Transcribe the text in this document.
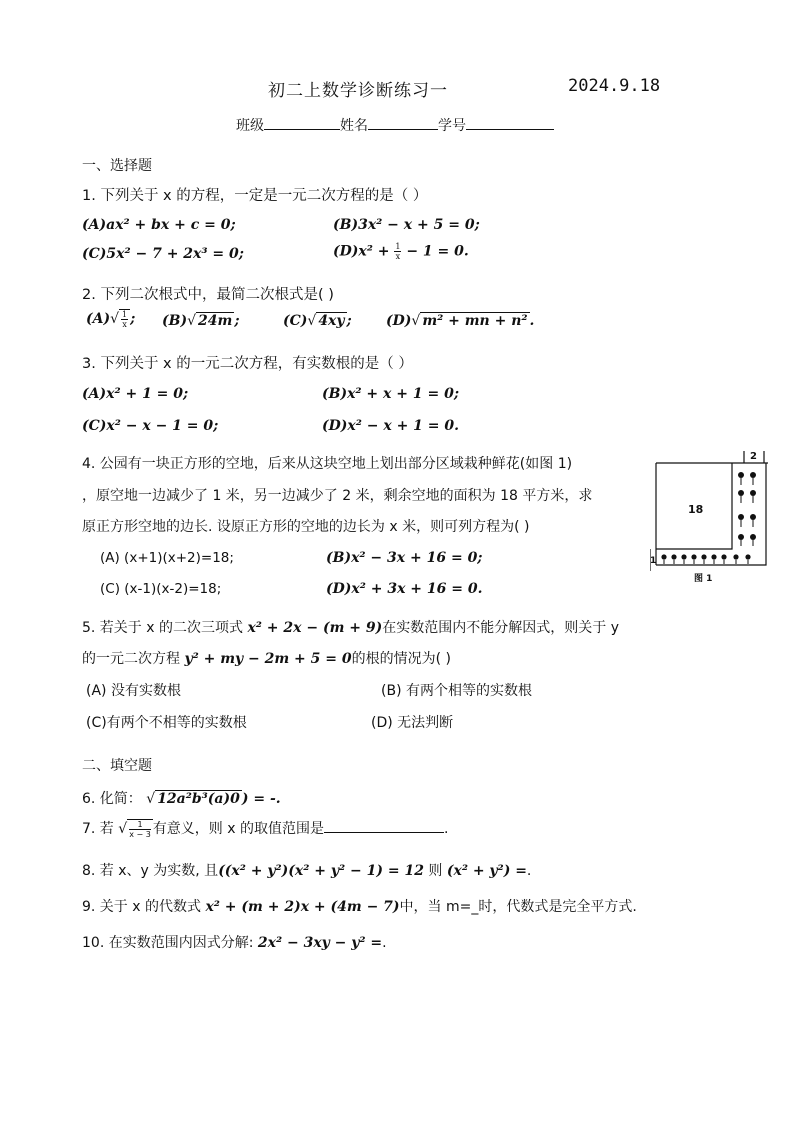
初二上数学诊断练习一	2024.9.18
班级	姓名	学号
一、选择题
1. 下列关于 x 的方程，一定是一元二次方程的是（ ）
(A)ax² + bx + c = 0;	(B)3x² − x + 5 = 0;
(C)5x² − 7 + 2x³ = 0;	$(D)x^2 + \frac{1}{x} - 1 = 0$.
2. 下列二次根式中，最简二次根式是( )
$(A)√ \frac{1}{x}$ ; (B)√ 24m ;	(C)√ 4xy ; (D)√ m² + mn + n² .
3. 下列关于 x 的一元二次方程，有实数根的是（ ）
(A)x² + 1 = 0;	(B)x² + x + 1 = 0;
(C)x² − x − 1 = 0;	(D)x² − x + 1 = 0.
4. 公园有一块正方形的空地，后来从这块空地上划出部分区域栽种鲜花(如图 1)
，原空地一边减少了 1 米，另一边减少了 2 米，剩余空地的面积为 18 平方米，求
原正方形空地的边长. 设原正方形的空地的边长为 x 米，则可列方程为( )
(A) (x+1)(x+2)=18;	(B)x² − 3x + 16 = 0;
(C) (x-1)(x-2)=18;	(D)x² + 3x + 16 = 0.
18
2
1
图 1
5. 若关于 x 的二次三项式 x² + 2x − (m + 9)在实数范围内不能分解因式，则关于 y
的一元二次方程 y² + my − 2m + 5 = 0的根的情况为( )
(A) 没有实数根	(B) 有两个相等的实数根
(C)有两个不相等的实数根	(D) 无法判断
二、填空题
6. 化简： √ 12a²b³(a)0 ) = -.
7. 若 √ $\frac{1}{x - 3}$ 有意义，则 x 的取值范围是	.
8. 若 x、y 为实数, 且((x² + y²)(x² + y² − 1) = 12 则 (x² + y²) =.
9. 关于 x 的代数式 x² + (m + 2)x + (4m − 7)中，当 m=_时，代数式是完全平方式.
10. 在实数范围内因式分解: 2x² − 3xy − y² =.
